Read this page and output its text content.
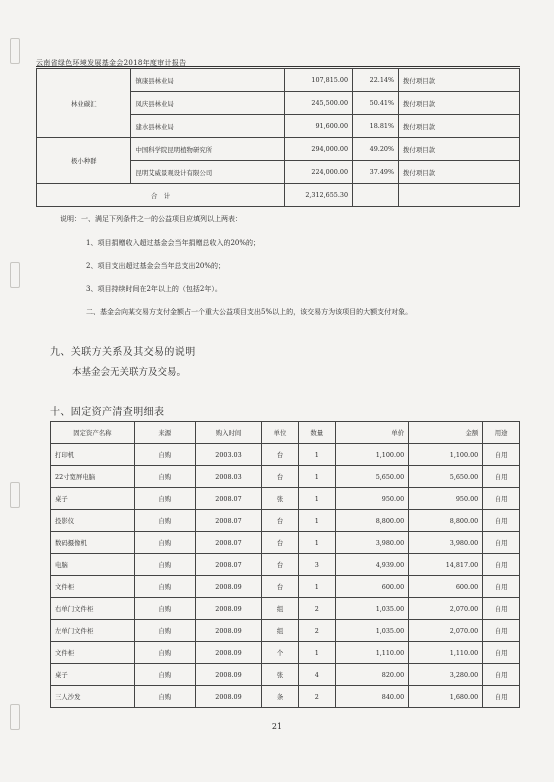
云南省绿色环境发展基金会2018年度审计报告
林业碳汇	镇康县林业局	107,815.00	22.14%	拨付项目款
	凤庆县林业局	245,500.00	50.41%	拨付项目款
	建水县林业局	91,600.00	18.81%	拨付项目款
极小种群	中国科学院昆明植物研究所	294,000.00	49.20%	拨付项目款
	昆明艾威景观设计有限公司	224,000.00	37.49%	拨付项目款
合　计		2,312,655.30		
说明：一、满足下列条件之一的公益项目应填列以上两表：
1、项目捐赠收入超过基金会当年捐赠总收入的20%的；
2、项目支出超过基金会当年总支出20%的；
3、项目持续时间在2年以上的（包括2年）。
二、基金会向某交易方支付金额占一个重大公益项目支出5%以上的，该交易方为该项目的大额支付对象。
九、关联方关系及其交易的说明
本基金会无关联方及交易。
十、固定资产清查明细表
固定资产名称	来源	购入时间	单位	数量	单价	金额	用途
打印机	自购	2003.03	台	1	1,100.00	1,100.00	自用
22寸宽屏电脑	自购	2008.03	台	1	5,650.00	5,650.00	自用
桌子	自购	2008.07	张	1	950.00	950.00	自用
投影仪	自购	2008.07	台	1	8,800.00	8,800.00	自用
数码摄像机	自购	2008.07	台	1	3,980.00	3,980.00	自用
电脑	自购	2008.07	台	3	4,939.00	14,817.00	自用
文件柜	自购	2008.09	台	1	600.00	600.00	自用
右单门文件柜	自购	2008.09	组	2	1,035.00	2,070.00	自用
左单门文件柜	自购	2008.09	组	2	1,035.00	2,070.00	自用
文件柜	自购	2008.09	个	1	1,110.00	1,110.00	自用
桌子	自购	2008.09	张	4	820.00	3,280.00	自用
三人沙发	自购	2008.09	条	2	840.00	1,680.00	自用
21
